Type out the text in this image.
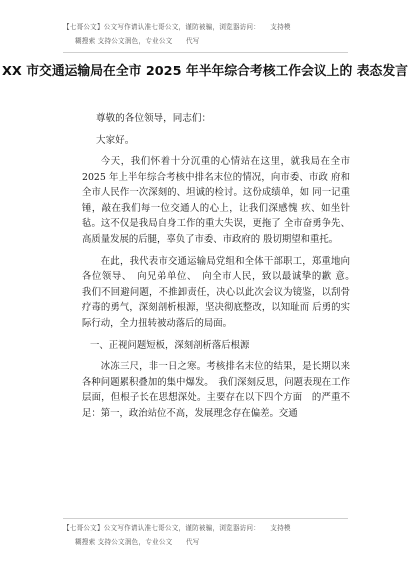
【七哥公文】公文写作请认准七哥公文，谨防被骗，浏览器访问：　　支持模
糊搜索 支持公文润色，专业公文　　代写
XX 市交通运输局在全市 2025 年半年综合考核工作会议上的 表态发言
尊敬的各位领导，同志们：
大家好。

今天，我们怀着十分沉重的心情站在这里，就我局在全市 2025 年上半年综合考核中排名末位的情况，向市委、市政 府和全市人民作一次深刻的、坦诚的检讨。这份成绩单，如 同一记重锤，敲在我们每一位交通人的心上，让我们深感愧 疚、如坐针毡。这不仅是我局自身工作的重大失误，更拖了 全市奋勇争先、高质量发展的后腿，辜负了市委、市政府的 殷切期望和重托。

在此，我代表市交通运输局党组和全体干部职工，郑重地向各位领导、　向兄弟单位、　向全市人民，致以最诚挚的歉 意。　我们不回避问题，不推卸责任，决心以此次会议为镜鉴，以刮骨疗毒的勇气，深刻剖析根源，坚决彻底整改，以知耻而 后勇的实际行动，全力扭转被动落后的局面。

一、正视问题短板，深刻剖析落后根源

冰冻三尺，非一日之寒。考核排名末位的结果，是长期以来各种问题累积叠加的集中爆发。　我们深刻反思，问题表现在工作层面，但根子长在思想深处。主要存在以下四个方面　的严重不足：第一，政治站位不高，发展理念存在偏差。交通

【七哥公文】公文写作请认准七哥公文，谨防被骗，浏览器访问：　　支持模
糊搜索 支持公文润色，专业公文　　代写
